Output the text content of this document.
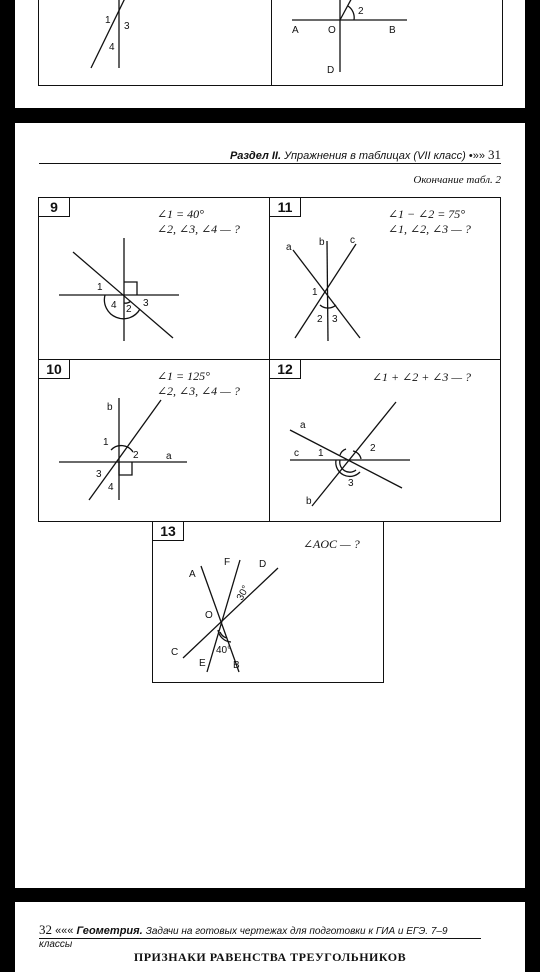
1
3
4
2
A	O	B
D
Раздел II. Упражнения в таблицах (VII класс) •»» 31
Окончание табл. 2
9	∠1 = 40°
∠2, ∠3, ∠4 — ?
1
2
3
4
11	∠1 − ∠2 = 75°
∠1, ∠2, ∠3 — ?
a	b	c
1
2 3
10	∠1 = 125°
∠2, ∠3, ∠4 — ?
b
1
2	a
3
4
12	∠1 + ∠2 + ∠3 — ?
a
c 1	2
3
b
13
∠AOC — ?
A
F	D
O
C
E	B
30°
40°
32 ««« Геометрия. Задачи на готовых чертежах для подготовки к ГИА и ЕГЭ. 7–9 классы
ПРИЗНАКИ РАВЕНСТВА ТРЕУГОЛЬНИКОВ
